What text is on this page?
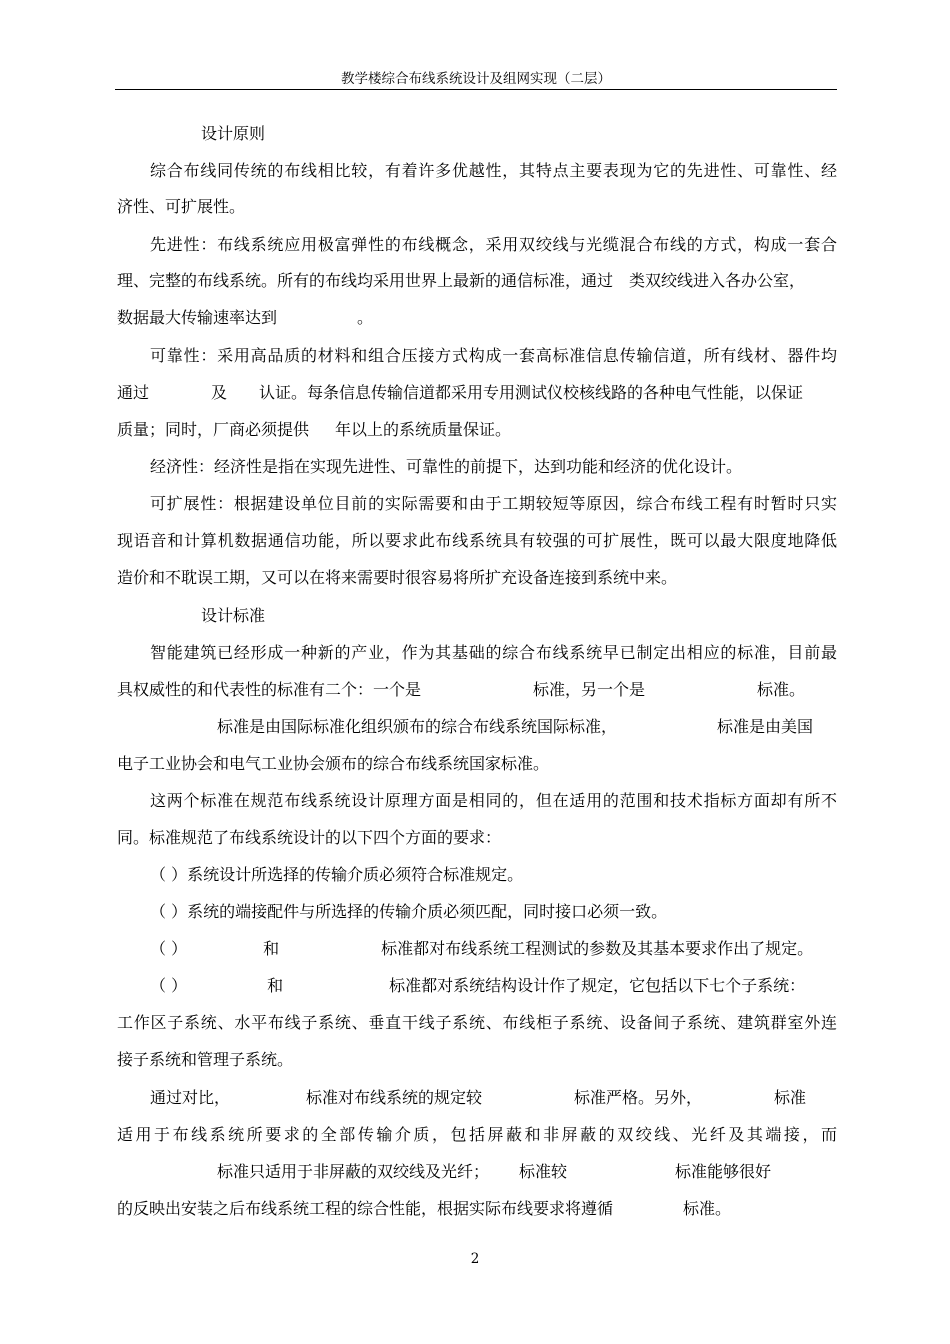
教学楼综合布线系统设计及组网实现（二层）
设计原则
综合布线同传统的布线相比较，有着许多优越性，其特点主要表现为它的先进性、可靠性、经
济性、可扩展性。
先进性：布线系统应用极富弹性的布线概念，采用双绞线与光缆混合布线的方式，构成一套合
理、完整的布线系统。所有的布线均采用世界上最新的通信标准，通过 类双绞线进入各办公室，
数据最大传输速率达到	。
可靠性：采用高品质的材料和组合压接方式构成一套高标准信息传输信道，所有线材、器件均
通过	及 认证。每条信息传输信道都采用专用测试仪校核线路的各种电气性能，以保证
质量；同时，厂商必须提供 年以上的系统质量保证。
经济性：经济性是指在实现先进性、可靠性的前提下，达到功能和经济的优化设计。
可扩展性：根据建设单位目前的实际需要和由于工期较短等原因，综合布线工程有时暂时只实
现语音和计算机数据通信功能，所以要求此布线系统具有较强的可扩展性，既可以最大限度地降低
造价和不耽误工期，又可以在将来需要时很容易将所扩充设备连接到系统中来。
设计标准
智能建筑已经形成一种新的产业，作为其基础的综合布线系统早已制定出相应的标准，目前最
具权威性的和代表性的标准有二个：一个是	标准，另一个是	标准。
标准是由国际标准化组织颁布的综合布线系统国际标准，	标准是由美国
电子工业协会和电气工业协会颁布的综合布线系统国家标准。
这两个标准在规范布线系统设计原理方面是相同的，但在适用的范围和技术指标方面却有所不
同。标准规范了布线系统设计的以下四个方面的要求：
（ ）系统设计所选择的传输介质必须符合标准规定。
（ ）系统的端接配件与所选择的传输介质必须匹配，同时接口必须一致。
（ ）	和	标准都对布线系统工程测试的参数及其基本要求作出了规定。
（ ）	和	标准都对系统结构设计作了规定，它包括以下七个子系统：
工作区子系统、水平布线子系统、垂直干线子系统、布线柜子系统、设备间子系统、建筑群室外连
接子系统和管理子系统。
通过对比，	标准对布线系统的规定较	标准严格。另外，	标准
适用于布线系统所要求的全部传输介质，包括屏蔽和非屏蔽的双绞线、光纤及其端接，而
标准只适用于非屏蔽的双绞线及光纤； 标准较	标准能够很好
的反映出安装之后布线系统工程的综合性能，根据实际布线要求将遵循	标准。
2
